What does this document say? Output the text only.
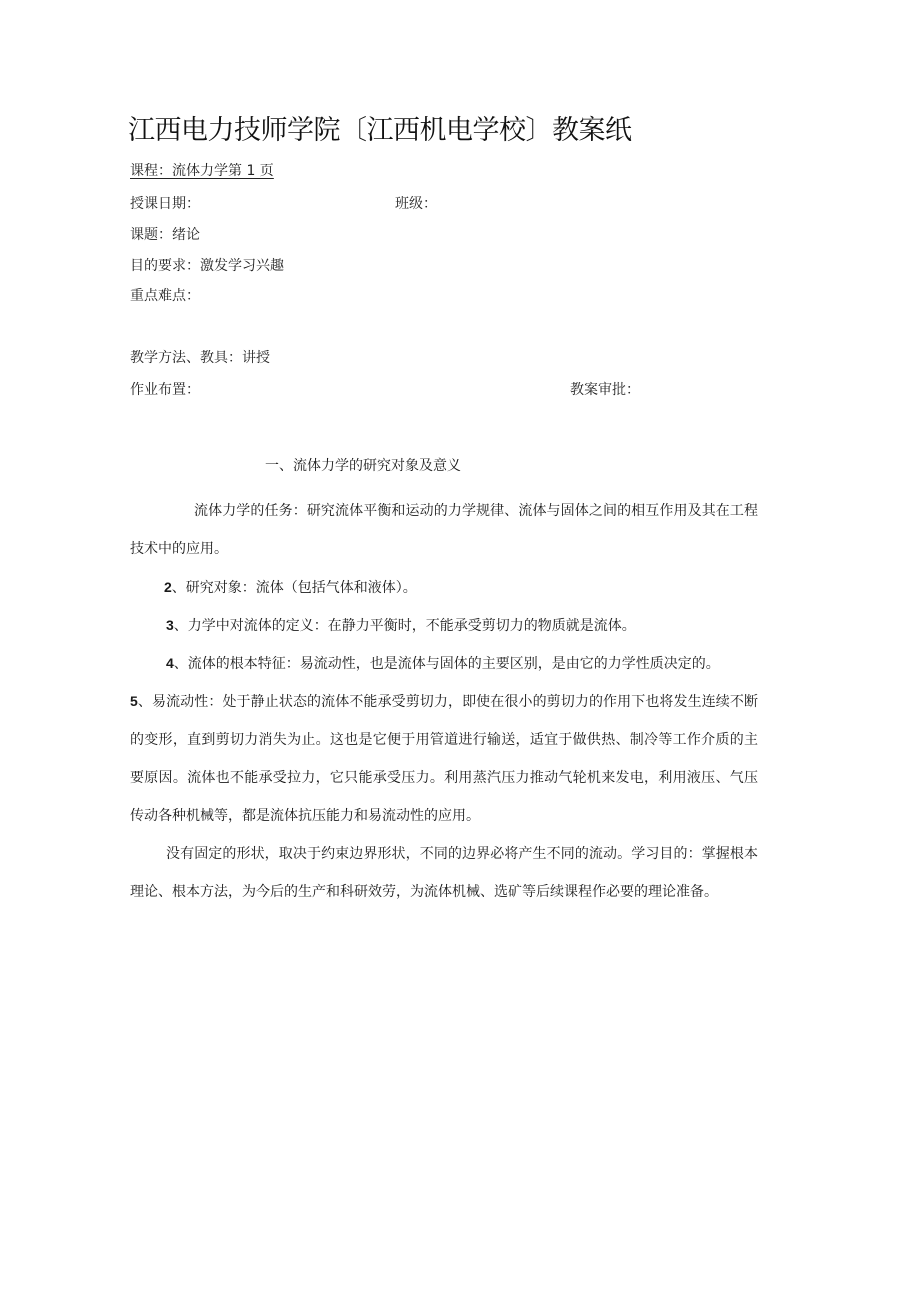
江西电力技师学院〔江西机电学校〕教案纸
课程：流体力学第 1 页
授课日期：	班级：
课题：绪论
目的要求：激发学习兴趣
重点难点：
教学方法、教具：讲授
作业布置：	教案审批：
一、流体力学的研究对象及意义
流体力学的任务：研究流体平衡和运动的力学规律、流体与固体之间的相互作用及其在工程技术中的应用。
2、研究对象：流体（包括气体和液体）。
3、力学中对流体的定义：在静力平衡时，不能承受剪切力的物质就是流体。
4、流体的根本特征：易流动性，也是流体与固体的主要区别，是由它的力学性质决定的。
5、易流动性：处于静止状态的流体不能承受剪切力，即使在很小的剪切力的作用下也将发生连续不断的变形，直到剪切力消失为止。这也是它便于用管道进行输送，适宜于做供热、制冷等工作介质的主要原因。流体也不能承受拉力，它只能承受压力。利用蒸汽压力推动气轮机来发电，利用液压、气压传动各种机械等，都是流体抗压能力和易流动性的应用。
没有固定的形状，取决于约束边界形状，不同的边界必将产生不同的流动。学习目的：掌握根本理论、根本方法，为今后的生产和科研效劳，为流体机械、选矿等后续课程作必要的理论准备。
